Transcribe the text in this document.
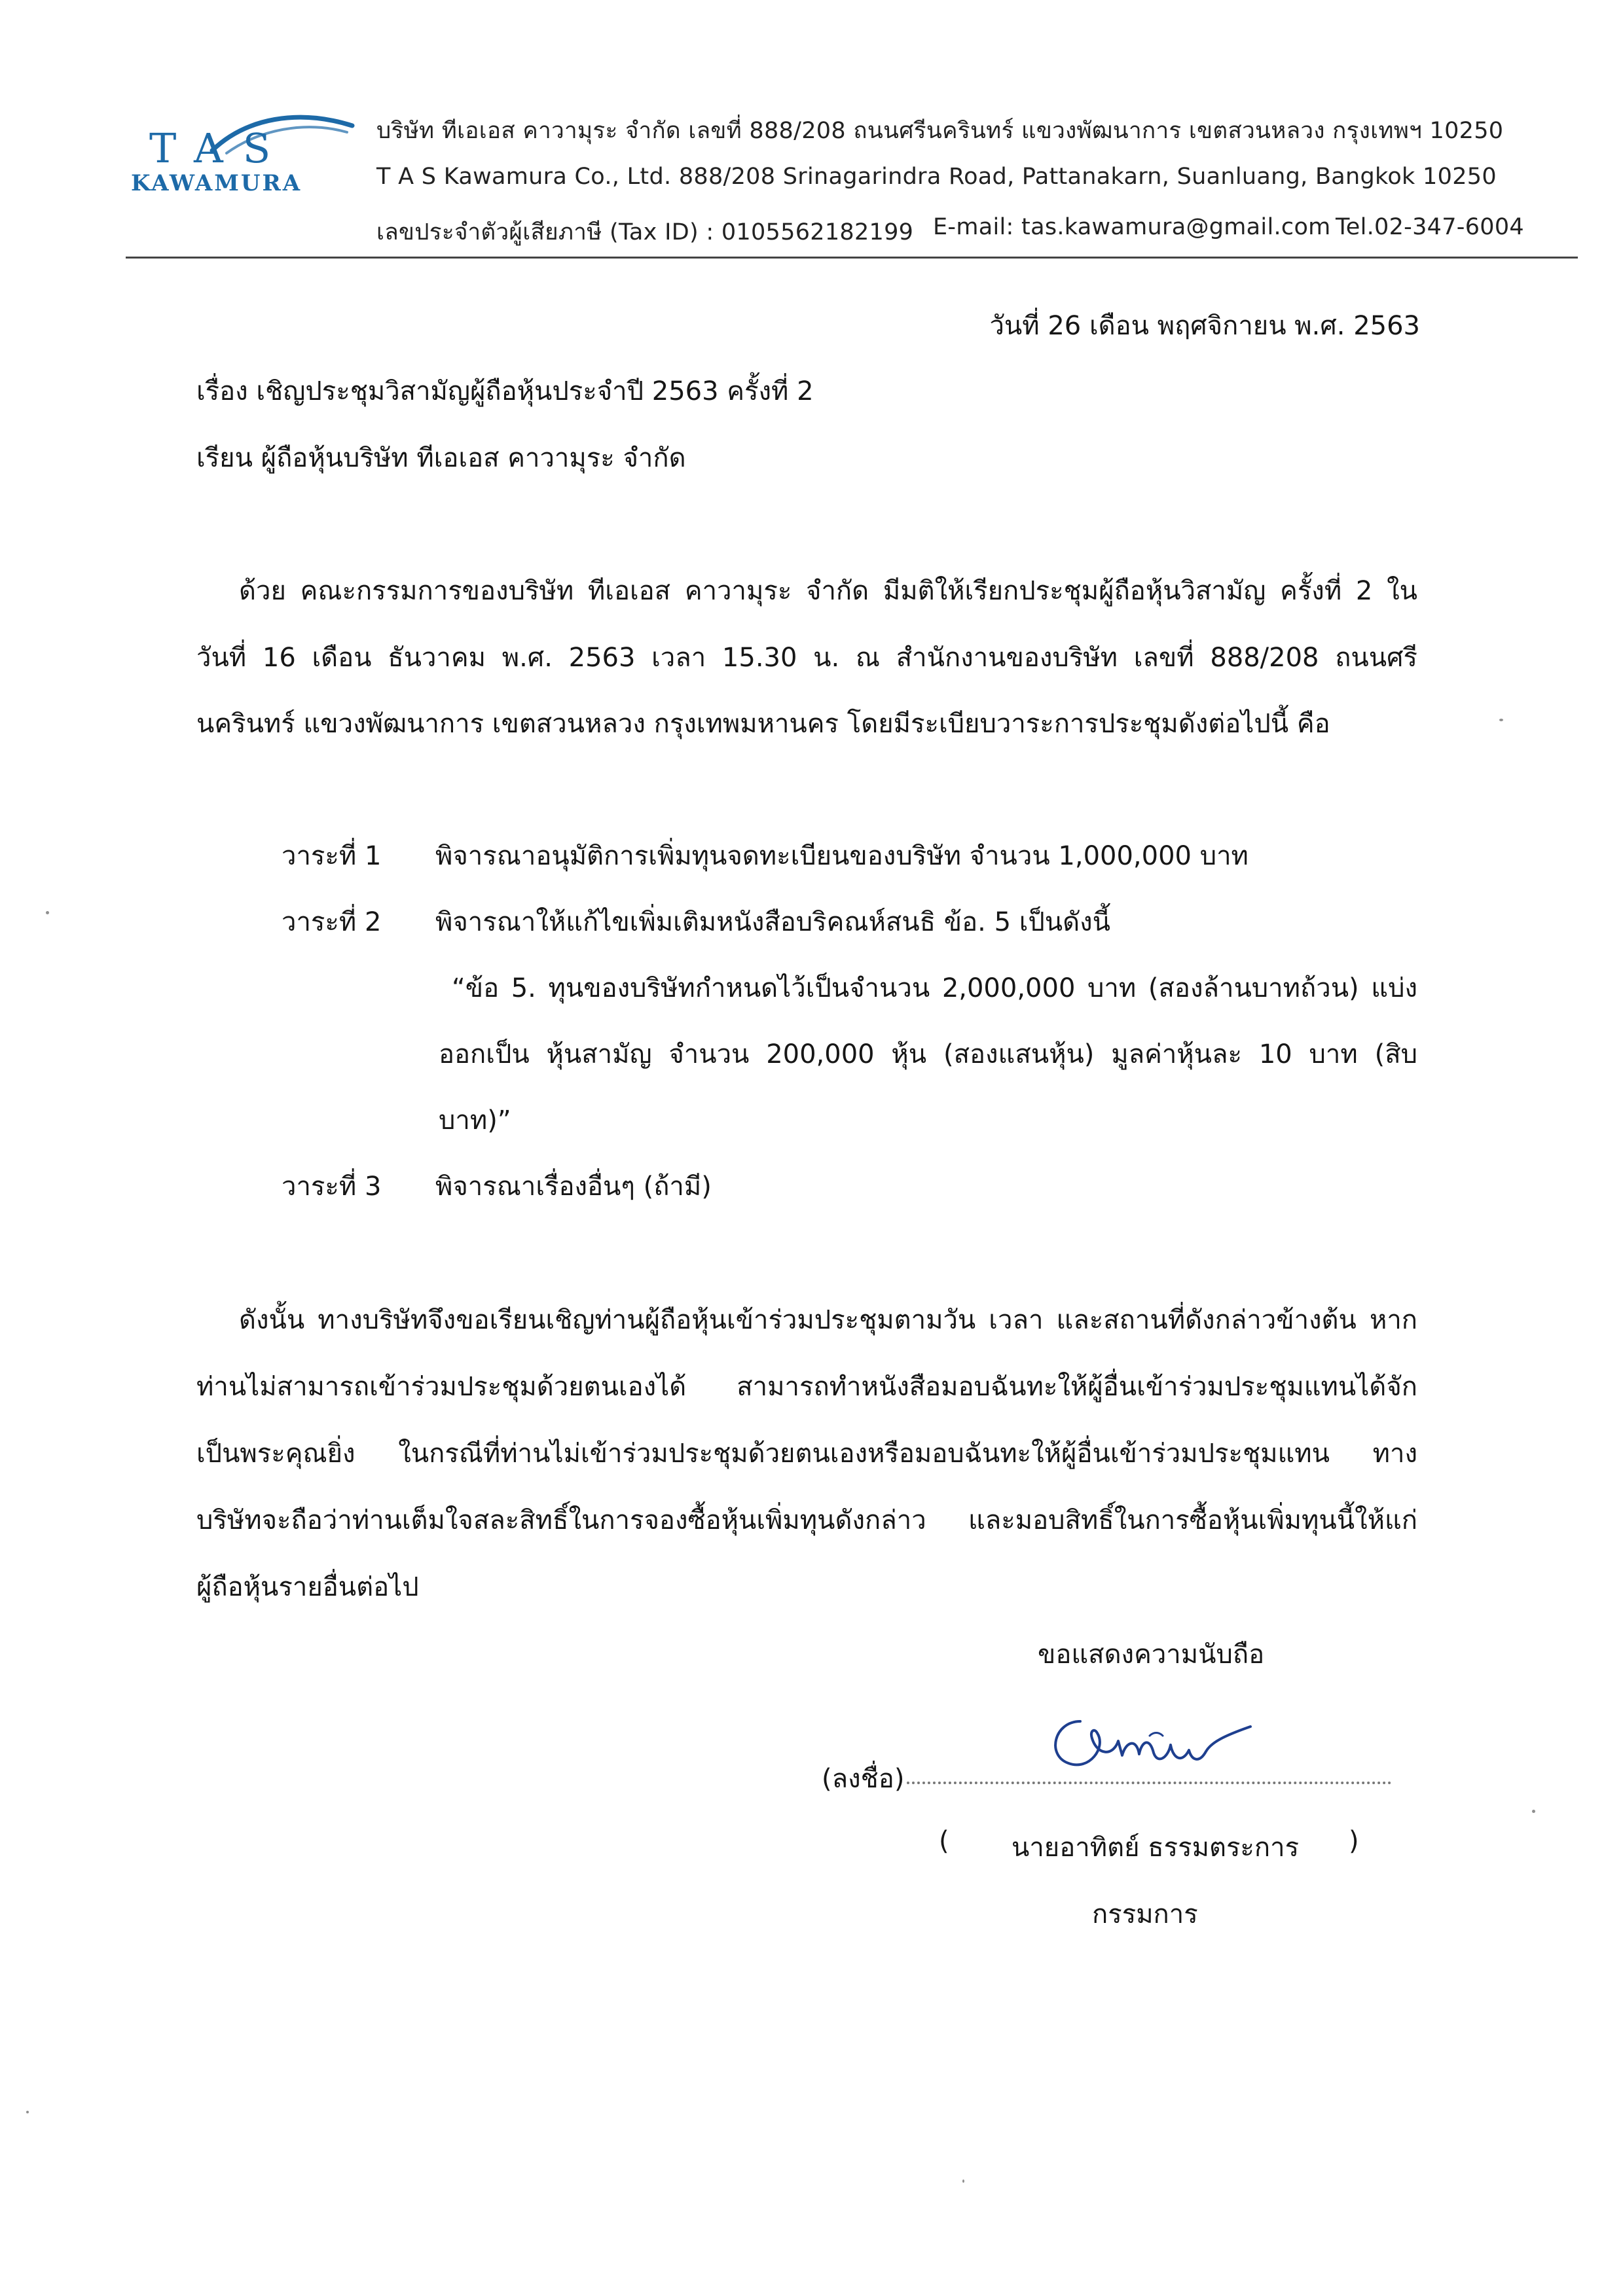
TAS
KAWAMURA
บริษัท ทีเอเอส คาวามุระ จำกัด เลขที่ 888/208 ถนนศรีนครินทร์ แขวงพัฒนาการ เขตสวนหลวง กรุงเทพฯ 10250
T A S Kawamura Co., Ltd. 888/208 Srinagarindra Road, Pattanakarn, Suanluang, Bangkok 10250
เลขประจำตัวผู้เสียภาษี (Tax ID) : 0105562182199 E-mail: tas.kawamura@gmail.com Tel.02-347-6004
วันที่ 26 เดือน พฤศจิกายน พ.ศ. 2563
เรื่อง เชิญประชุมวิสามัญผู้ถือหุ้นประจำปี 2563 ครั้งที่ 2
เรียน ผู้ถือหุ้นบริษัท ทีเอเอส คาวามุระ จำกัด
ด้วย คณะกรรมการของบริษัท ทีเอเอส คาวามุระ จำกัด มีมติให้เรียกประชุมผู้ถือหุ้นวิสามัญ ครั้งที่ 2 ใน
วันที่ 16 เดือน ธันวาคม พ.ศ. 2563 เวลา 15.30 น. ณ สำนักงานของบริษัท เลขที่ 888/208 ถนนศรี
นครินทร์ แขวงพัฒนาการ เขตสวนหลวง กรุงเทพมหานคร โดยมีระเบียบวาระการประชุมดังต่อไปนี้ คือ
วาระที่ 1 พิจารณาอนุมัติการเพิ่มทุนจดทะเบียนของบริษัท จำนวน 1,000,000 บาท
วาระที่ 2 พิจารณาให้แก้ไขเพิ่มเติมหนังสือบริคณห์สนธิ ข้อ. 5 เป็นดังนี้
“ข้อ 5. ทุนของบริษัทกำหนดไว้เป็นจำนวน 2,000,000 บาท (สองล้านบาทถ้วน) แบ่ง
ออกเป็น หุ้นสามัญ จำนวน 200,000 หุ้น (สองแสนหุ้น) มูลค่าหุ้นละ 10 บาท (สิบ
บาท)”
วาระที่ 3 พิจารณาเรื่องอื่นๆ (ถ้ามี)
ดังนั้น ทางบริษัทจึงขอเรียนเชิญท่านผู้ถือหุ้นเข้าร่วมประชุมตามวัน เวลา และสถานที่ดังกล่าวข้างต้น หาก
ท่านไม่สามารถเข้าร่วมประชุมด้วยตนเองได้ สามารถทำหนังสือมอบฉันทะให้ผู้อื่นเข้าร่วมประชุมแทนได้จัก
เป็นพระคุณยิ่ง ในกรณีที่ท่านไม่เข้าร่วมประชุมด้วยตนเองหรือมอบฉันทะให้ผู้อื่นเข้าร่วมประชุมแทน ทาง
บริษัทจะถือว่าท่านเต็มใจสละสิทธิ์ในการจองซื้อหุ้นเพิ่มทุนดังกล่าว และมอบสิทธิ์ในการซื้อหุ้นเพิ่มทุนนี้ให้แก่
ผู้ถือหุ้นรายอื่นต่อไป
ขอแสดงความนับถือ
(ลงชื่อ)
( นายอาทิตย์ ธรรมตระการ )
กรรมการ
